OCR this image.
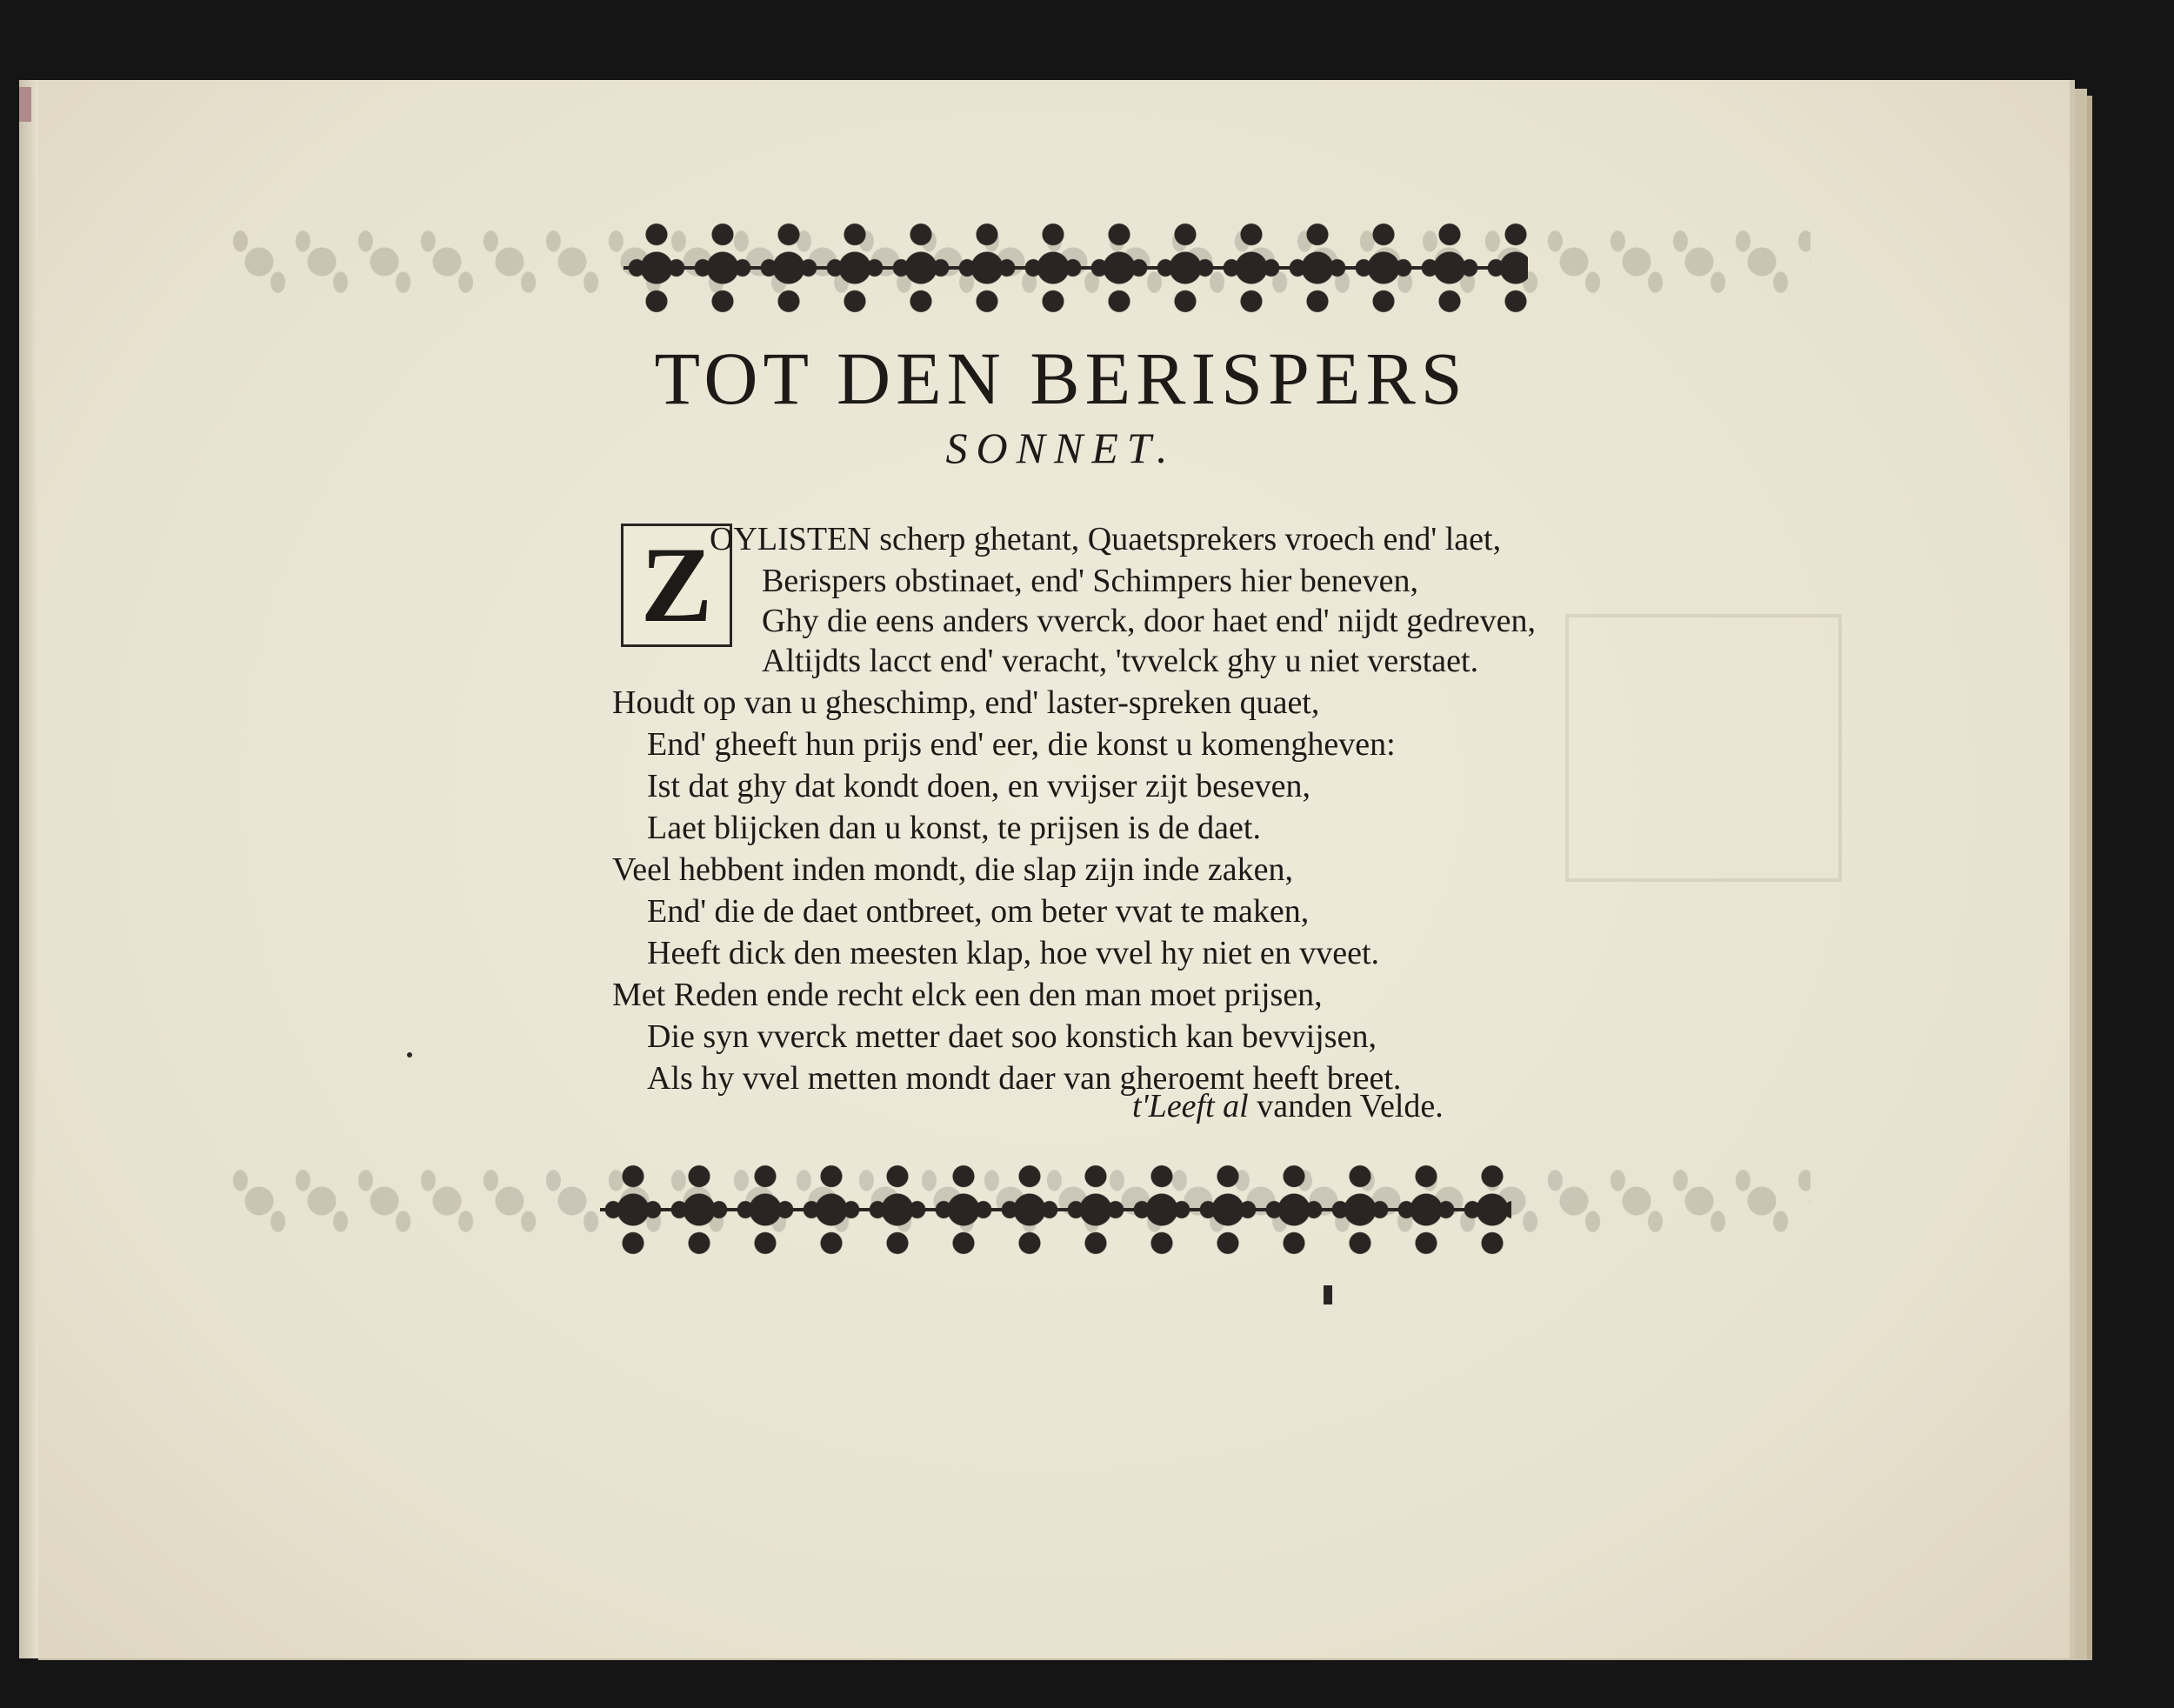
TOT DEN BERISPERS

SONNET.

Z
OYLISTEN scherp ghetant, Quaetsprekers vroech end' laet,
Berispers obstinaet, end' Schimpers hier beneven,
Ghy die eens anders vverck, door haet end' nijdt gedreven,
Altijdts lacct end' veracht, 'tvvelck ghy u niet verstaet.
Houdt op van u gheschimp, end' laster-spreken quaet,
End' gheeft hun prijs end' eer, die konst u komengheven:
Ist dat ghy dat kondt doen, en vvijser zijt beseven,
Laet blijcken dan u konst, te prijsen is de daet.
Veel hebbent inden mondt, die slap zijn inde zaken,
End' die de daet ontbreet, om beter vvat te maken,
Heeft dick den meesten klap, hoe vvel hy niet en vveet.
Met Reden ende recht elck een den man moet prijsen,
Die syn vverck metter daet soo konstich kan bevvijsen,
Als hy vvel metten mondt daer van gheroemt heeft breet.
t'Leeft al vanden Velde.
